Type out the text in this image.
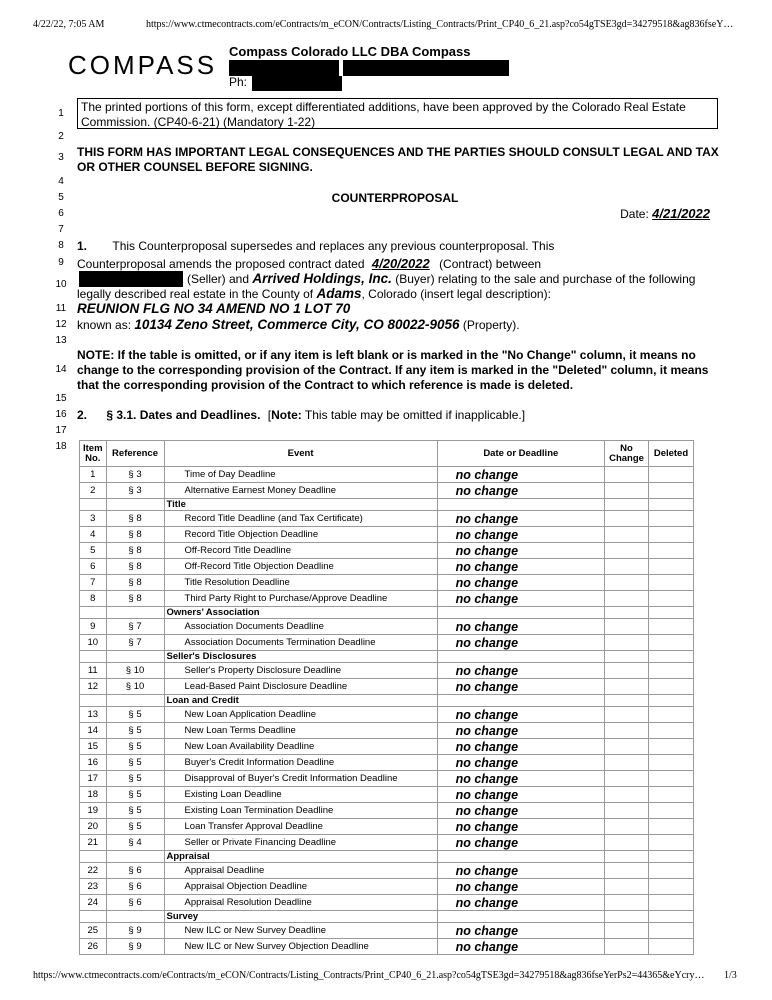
4/22/22, 7:05 AM	https://www.ctmecontracts.com/eContracts/m_eCON/Contracts/Listing_Contracts/Print_CP40_6_21.asp?co54gTSE3gd=34279518&ag836fseY…
COMPASS Compass Colorado LLC DBA Compass
Ph:
1
2
3
4
5
6
7
8
9
10
11
12
13
14
15
16
17
18
The printed portions of this form, except differentiated additions, have been approved by the Colorado Real Estate Commission. (CP40-6-21) (Mandatory 1-22)
THIS FORM HAS IMPORTANT LEGAL CONSEQUENCES AND THE PARTIES SHOULD CONSULT LEGAL AND TAX OR OTHER COUNSEL BEFORE SIGNING.
COUNTERPROPOSAL
Date: 4/21/2022
1. This Counterproposal supersedes and replaces any previous counterproposal. This
Counterproposal amends the proposed contract dated 4/20/2022 (Contract) between
(Seller) and Arrived Holdings, Inc. (Buyer) relating to the sale and purchase of the following
legally described real estate in the County of Adams, Colorado (insert legal description):
REUNION FLG NO 34 AMEND NO 1 LOT 70
known as: 10134 Zeno Street, Commerce City, CO 80022-9056 (Property).
NOTE: If the table is omitted, or if any item is left blank or is marked in the "No Change" column, it means no change to the corresponding provision of the Contract. If any item is marked in the "Deleted" column, it means that the corresponding provision of the Contract to which reference is made is deleted.
2. § 3.1. Dates and Deadlines. [Note: This table may be omitted if inapplicable.]
Item No.	Reference	Event	Date or Deadline	No Change	Deleted
1	§ 3	Time of Day Deadline	no change		
2	§ 3	Alternative Earnest Money Deadline	no change		
		Title			
3	§ 8	Record Title Deadline (and Tax Certificate)	no change		
4	§ 8	Record Title Objection Deadline	no change		
5	§ 8	Off-Record Title Deadline	no change		
6	§ 8	Off-Record Title Objection Deadline	no change		
7	§ 8	Title Resolution Deadline	no change		
8	§ 8	Third Party Right to Purchase/Approve Deadline	no change		
		Owners’ Association			
9	§ 7	Association Documents Deadline	no change		
10	§ 7	Association Documents Termination Deadline	no change		
		Seller's Disclosures			
11	§ 10	Seller's Property Disclosure Deadline	no change		
12	§ 10	Lead-Based Paint Disclosure Deadline	no change		
		Loan and Credit			
13	§ 5	New Loan Application Deadline	no change		
14	§ 5	New Loan Terms Deadline	no change		
15	§ 5	New Loan Availability Deadline	no change		
16	§ 5	Buyer's Credit Information Deadline	no change		
17	§ 5	Disapproval of Buyer's Credit Information Deadline	no change		
18	§ 5	Existing Loan Deadline	no change		
19	§ 5	Existing Loan Termination Deadline	no change		
20	§ 5	Loan Transfer Approval Deadline	no change		
21	§ 4	Seller or Private Financing Deadline	no change		
		Appraisal			
22	§ 6	Appraisal Deadline	no change		
23	§ 6	Appraisal Objection Deadline	no change		
24	§ 6	Appraisal Resolution Deadline	no change		
		Survey			
25	§ 9	New ILC or New Survey Deadline	no change		
26	§ 9	New ILC or New Survey Objection Deadline	no change		
https://www.ctmecontracts.com/eContracts/m_eCON/Contracts/Listing_Contracts/Print_CP40_6_21.asp?co54gTSE3gd=34279518&ag836fseYerPs2=44365&eYcry…	1/3
